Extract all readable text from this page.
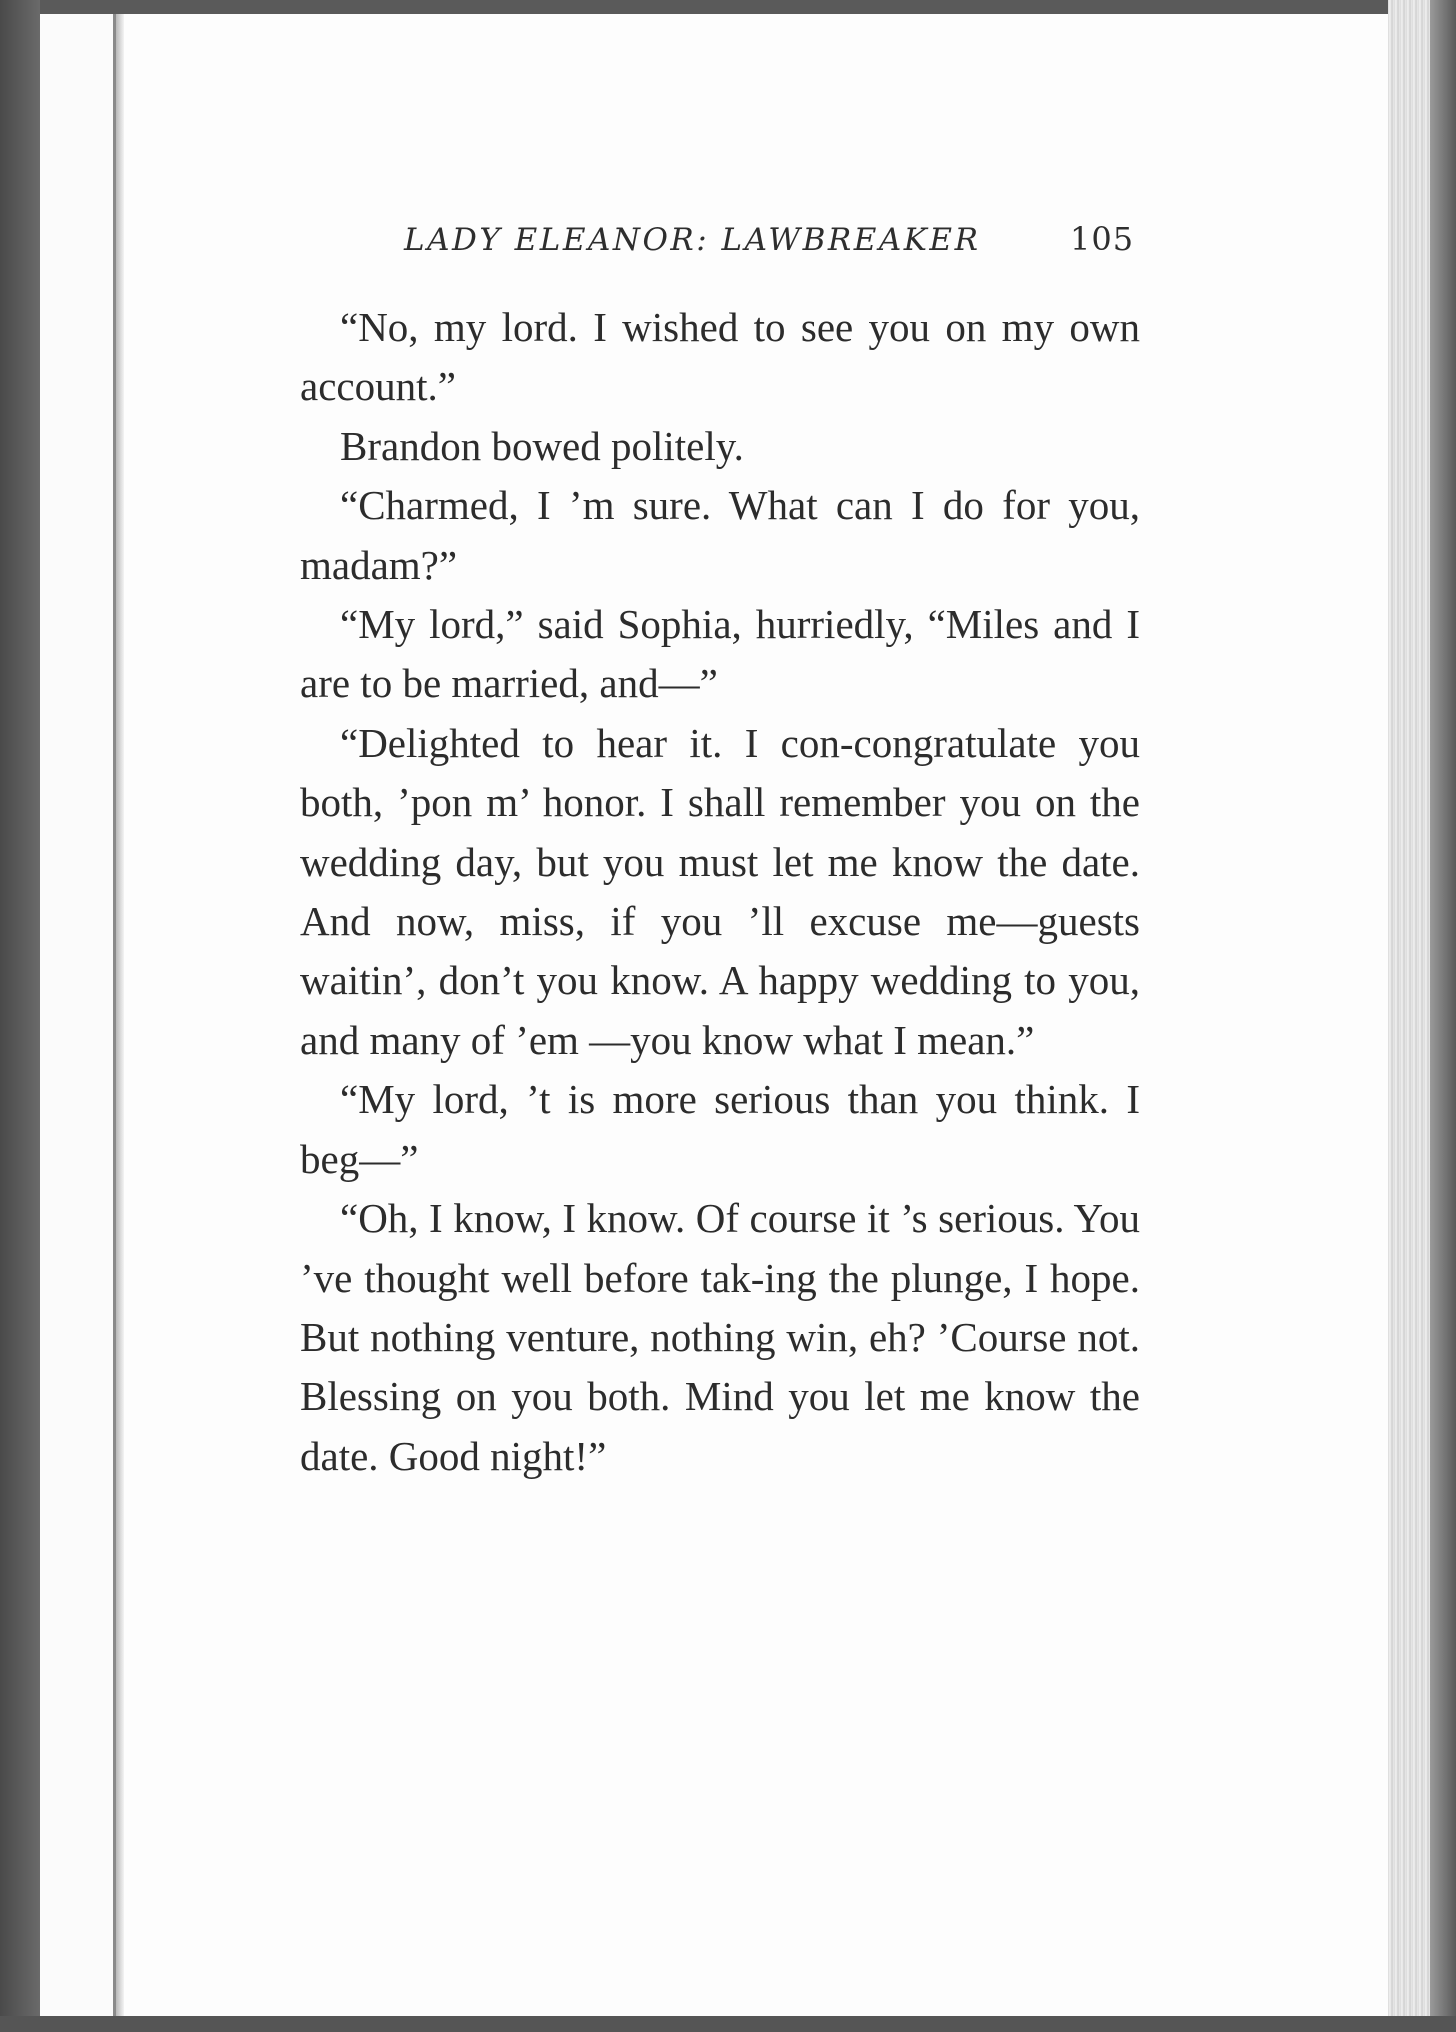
LADY ELEANOR: LAWBREAKER	105

“No, my lord. I wished to see you on my own account.”

Brandon bowed politely.

“Charmed, I ’m sure. What can I do for you, madam?”

“My lord,” said Sophia, hurriedly, “Miles and I are to be married, and—”

“Delighted to hear it. I con-congratulate you both, ’pon m’ honor. I shall remember you on the wedding day, but you must let me know the date. And now, miss, if you ’ll excuse me—guests waitin’, don’t you know. A happy wedding to you, and many of ’em —you know what I mean.”

“My lord, ’t is more serious than you think. I beg—”

“Oh, I know, I know. Of course it ’s serious. You ’ve thought well before tak-ing the plunge, I hope. But nothing venture, nothing win, eh? ’Course not. Blessing on you both. Mind you let me know the date. Good night!”
